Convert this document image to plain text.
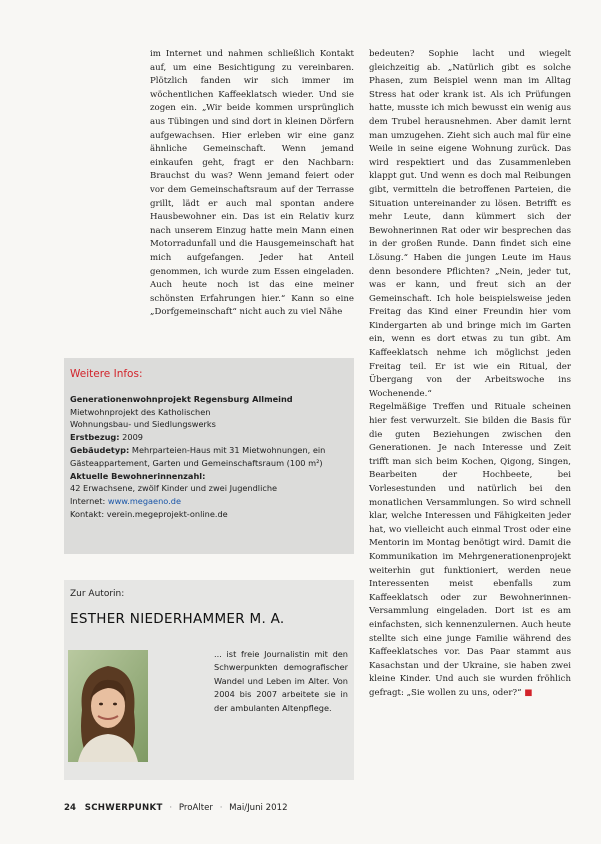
im Internet und nahmen schließlich Kontakt auf, um eine Besichtigung zu vereinbaren. Plötzlich fanden wir sich immer im wöchentlichen Kaffeeklatsch wieder. Und sie zogen ein. „Wir beide kommen ursprünglich aus Tübingen und sind dort in kleinen Dörfern aufgewachsen. Hier erleben wir eine ganz ähnliche Gemeinschaft. Wenn jemand einkaufen geht, fragt er den Nachbarn: Brauchst du was? Wenn jemand feiert oder vor dem Gemeinschaftsraum auf der Terrasse grillt, lädt er auch mal spontan andere Hausbewohner ein. Das ist ein Relativ kurz nach unserem Einzug hatte mein Mann einen Motorradunfall und die Hausgemeinschaft hat mich aufgefangen. Jeder hat Anteil genommen, ich wurde zum Essen eingeladen. Auch heute noch ist das eine meiner schönsten Erfahrungen hier.“ Kann so eine „Dorfgemeinschaft“ nicht auch zu viel Nähe

bedeuten? Sophie lacht und wiegelt gleichzeitig ab. „Natürlich gibt es solche Phasen, zum Beispiel wenn man im Alltag Stress hat oder krank ist. Als ich Prüfungen hatte, musste ich mich bewusst ein wenig aus dem Trubel herausnehmen. Aber damit lernt man umzugehen. Zieht sich auch mal für eine Weile in seine eigene Wohnung zurück. Das wird respektiert und das Zusammenleben klappt gut. Und wenn es doch mal Reibungen gibt, vermitteln die betroffenen Parteien, die Situation untereinander zu lösen. Betrifft es mehr Leute, dann kümmert sich der Bewohnerinnen Rat oder wir besprechen das in der großen Runde. Dann findet sich eine Lösung.“ Haben die jungen Leute im Haus denn besondere Pflichten? „Nein, jeder tut, was er kann, und freut sich an der Gemeinschaft. Ich hole beispielsweise jeden Freitag das Kind einer Freundin hier vom Kindergarten ab und bringe mich im Garten ein, wenn es dort etwas zu tun gibt. Am Kaffeeklatsch nehme ich möglichst jeden Freitag teil. Er ist wie ein Ritual, der Übergang von der Arbeitswoche ins Wochenende.“

Regelmäßige Treffen und Rituale scheinen hier fest verwurzelt. Sie bilden die Basis für die guten Beziehungen zwischen den Generationen. Je nach Interesse und Zeit trifft man sich beim Kochen, Qigong, Singen, Bearbeiten der Hochbeete, bei Vorlesestunden und natürlich bei den monatlichen Versammlungen. So wird schnell klar, welche Interessen und Fähigkeiten jeder hat, wo vielleicht auch einmal Trost oder eine Mentorin im Montag benötigt wird. Damit die Kommunikation im Mehrgenerationenprojekt weiterhin gut funktioniert, werden neue Interessenten meist ebenfalls zum Kaffeeklatsch oder zur Bewohnerinnen-Versammlung eingeladen. Dort ist es am einfachsten, sich kennenzulernen. Auch heute stellte sich eine junge Familie während des Kaffeeklatsches vor. Das Paar stammt aus Kasachstan und der Ukraine, sie haben zwei kleine Kinder. Und auch sie wurden fröhlich gefragt: „Sie wollen zu uns, oder?“ ■

Weitere Infos:

Generationenwohnprojekt Regensburg Allmeind

Mietwohnprojekt des Katholischen

Wohnungsbau- und Siedlungswerks

Erstbezug: 2009

Gebäudetyp: Mehrparteien-Haus mit 31 Mietwohnungen, ein Gästeappartement, Garten und Gemeinschaftsraum (100 m²)

Aktuelle Bewohnerinnenzahl:

42 Erwachsene, zwölf Kinder und zwei Jugendliche

Internet: www.megaeno.de

Kontakt: verein.megeprojekt-online.de

Zur Autorin:

ESTHER NIEDERHAMMER M. A.

... ist freie Journalistin mit den Schwerpunkten demografischer Wandel und Leben im Alter. Von 2004 bis 2007 arbeitete sie in der ambulanten Altenpflege.

24 SCHWERPUNKT · ProAlter · Mai/Juni 2012
